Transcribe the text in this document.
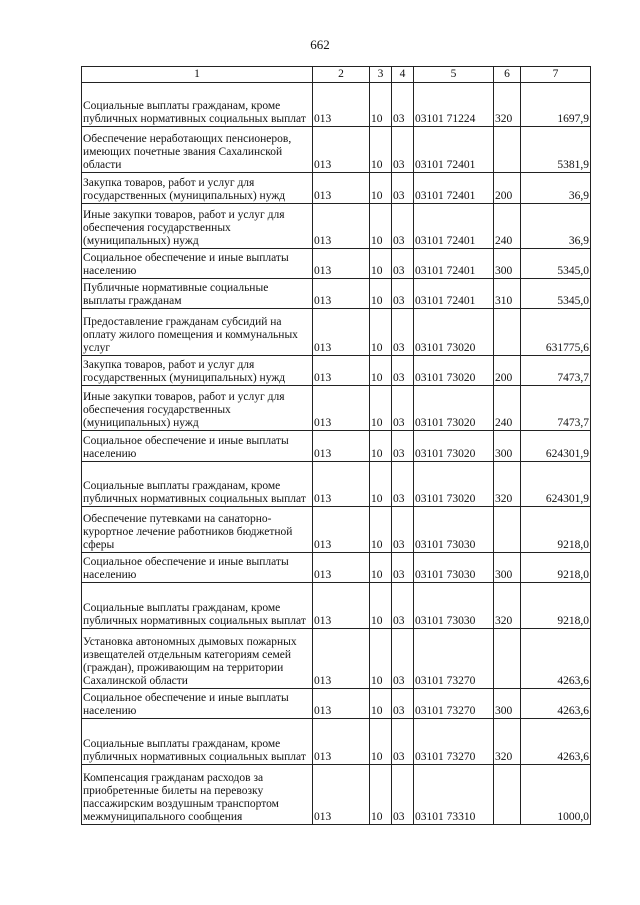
662
1	2	3	4	5	6	7
Социальные выплаты гражданам, кроме публичных нормативных социальных выплат	013	10	03	03101 71224	320	1697,9
Обеспечение неработающих пенсионеров, имеющих почетные звания Сахалинской области	013	10	03	03101 72401		5381,9
Закупка товаров, работ и услуг для государственных (муниципальных) нужд	013	10	03	03101 72401	200	36,9
Иные закупки товаров, работ и услуг для обеспечения государственных (муниципальных) нужд	013	10	03	03101 72401	240	36,9
Социальное обеспечение и иные выплаты населению	013	10	03	03101 72401	300	5345,0
Публичные нормативные социальные выплаты гражданам	013	10	03	03101 72401	310	5345,0
Предоставление гражданам субсидий на оплату жилого помещения и коммунальных услуг	013	10	03	03101 73020		631775,6
Закупка товаров, работ и услуг для государственных (муниципальных) нужд	013	10	03	03101 73020	200	7473,7
Иные закупки товаров, работ и услуг для обеспечения государственных (муниципальных) нужд	013	10	03	03101 73020	240	7473,7
Социальное обеспечение и иные выплаты населению	013	10	03	03101 73020	300	624301,9
Социальные выплаты гражданам, кроме публичных нормативных социальных выплат	013	10	03	03101 73020	320	624301,9
Обеспечение путевками на санаторно-курортное лечение работников бюджетной сферы	013	10	03	03101 73030		9218,0
Социальное обеспечение и иные выплаты населению	013	10	03	03101 73030	300	9218,0
Социальные выплаты гражданам, кроме публичных нормативных социальных выплат	013	10	03	03101 73030	320	9218,0
Установка автономных дымовых пожарных извещателей отдельным категориям семей (граждан), проживающим на территории Сахалинской области	013	10	03	03101 73270		4263,6
Социальное обеспечение и иные выплаты населению	013	10	03	03101 73270	300	4263,6
Социальные выплаты гражданам, кроме публичных нормативных социальных выплат	013	10	03	03101 73270	320	4263,6
Компенсация гражданам расходов за приобретенные билеты на перевозку пассажирским воздушным транспортом межмуниципального сообщения	013	10	03	03101 73310		1000,0
